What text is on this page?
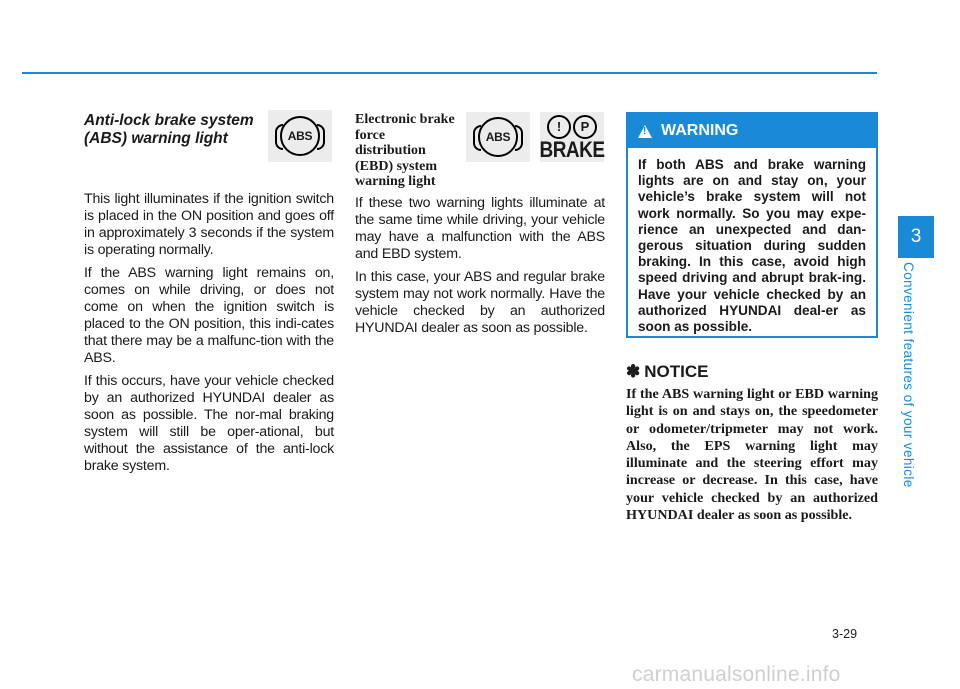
Anti-lock brake system (ABS) warning light

This light illuminates if the ignition switch is placed in the ON position and goes off in approximately 3 seconds if the system is operating normally.

If the ABS warning light remains on, comes on while driving, or does not come on when the ignition switch is placed to the ON position, this indi-cates that there may be a malfunc-tion with the ABS.

If this occurs, have your vehicle checked by an authorized HYUNDAI dealer as soon as possible. The nor-mal braking system will still be oper-ational, but without the assistance of the anti-lock brake system.

ABS
Electronic brake force distribution (EBD) system warning light

If these two warning lights illuminate at the same time while driving, your vehicle may have a malfunction with the ABS and EBD system.

In this case, your ABS and regular brake system may not work normally. Have the vehicle checked by an authorized HYUNDAI dealer as soon as possible.

ABS
!	P
BRAKE
!
WARNING
If both ABS and brake warning lights are on and stay on, your vehicle’s brake system will not work normally. So you may expe-rience an unexpected and dan-gerous situation during sudden braking. In this case, avoid high speed driving and abrupt brak-ing. Have your vehicle checked by an authorized HYUNDAI deal-er as soon as possible.
✽ NOTICE

If the ABS warning light or EBD warning light is on and stays on, the speedometer or odometer/tripmeter may not work. Also, the EPS warning light may illuminate and the steering effort may increase or decrease. In this case, have your vehicle checked by an authorized HYUNDAI dealer as soon as possible.

3
Convenient features of your vehicle
3-29
carmanualsonline.info
